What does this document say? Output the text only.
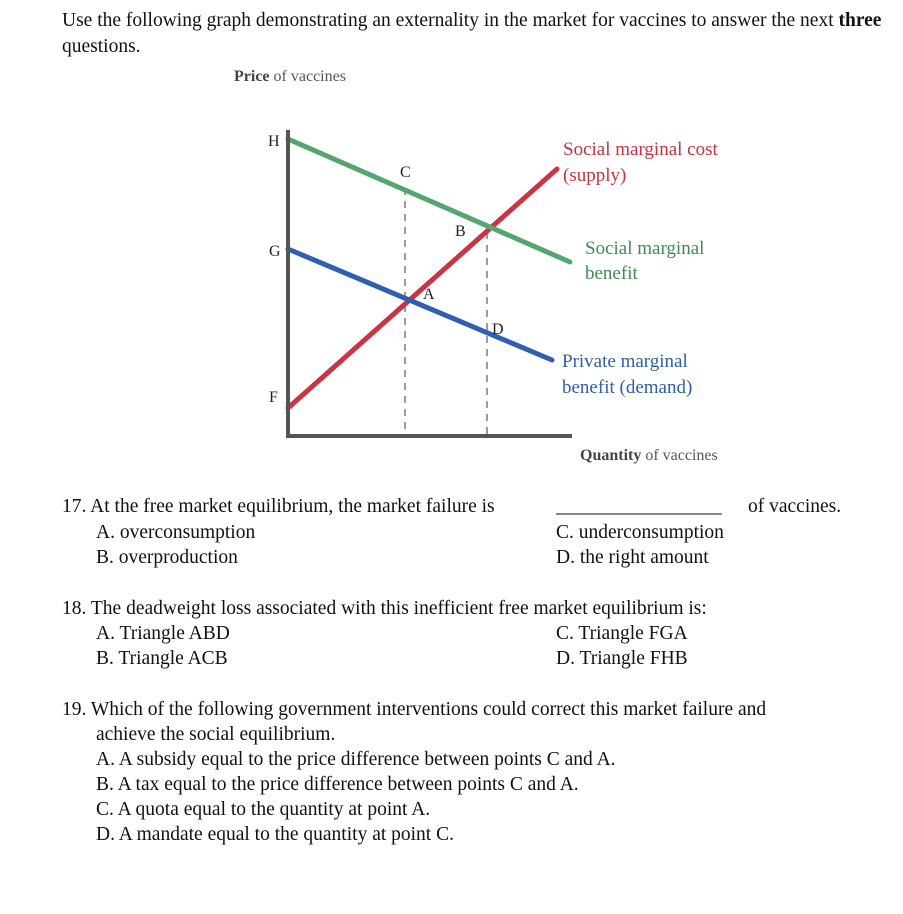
Use the following graph demonstrating an externality in the market for vaccines to answer the next three questions.
Price of vaccines
Quantity of vaccines
H
G
F
C
B
A
D
Social marginal cost
(supply)
Social marginal
benefit
Private marginal
benefit (demand)
17. At the free market equilibrium, the market failure is	_________________ of vaccines.
A. overconsumption
B. overproduction
C. underconsumption
D. the right amount
18. The deadweight loss associated with this inefficient free market equilibrium is:
A. Triangle ABD
B. Triangle ACB
C. Triangle FGA
D. Triangle FHB
19. Which of the following government interventions could correct this market failure and
achieve the social equilibrium.
A. A subsidy equal to the price difference between points C and A.
B. A tax equal to the price difference between points C and A.
C. A quota equal to the quantity at point A.
D. A mandate equal to the quantity at point C.
